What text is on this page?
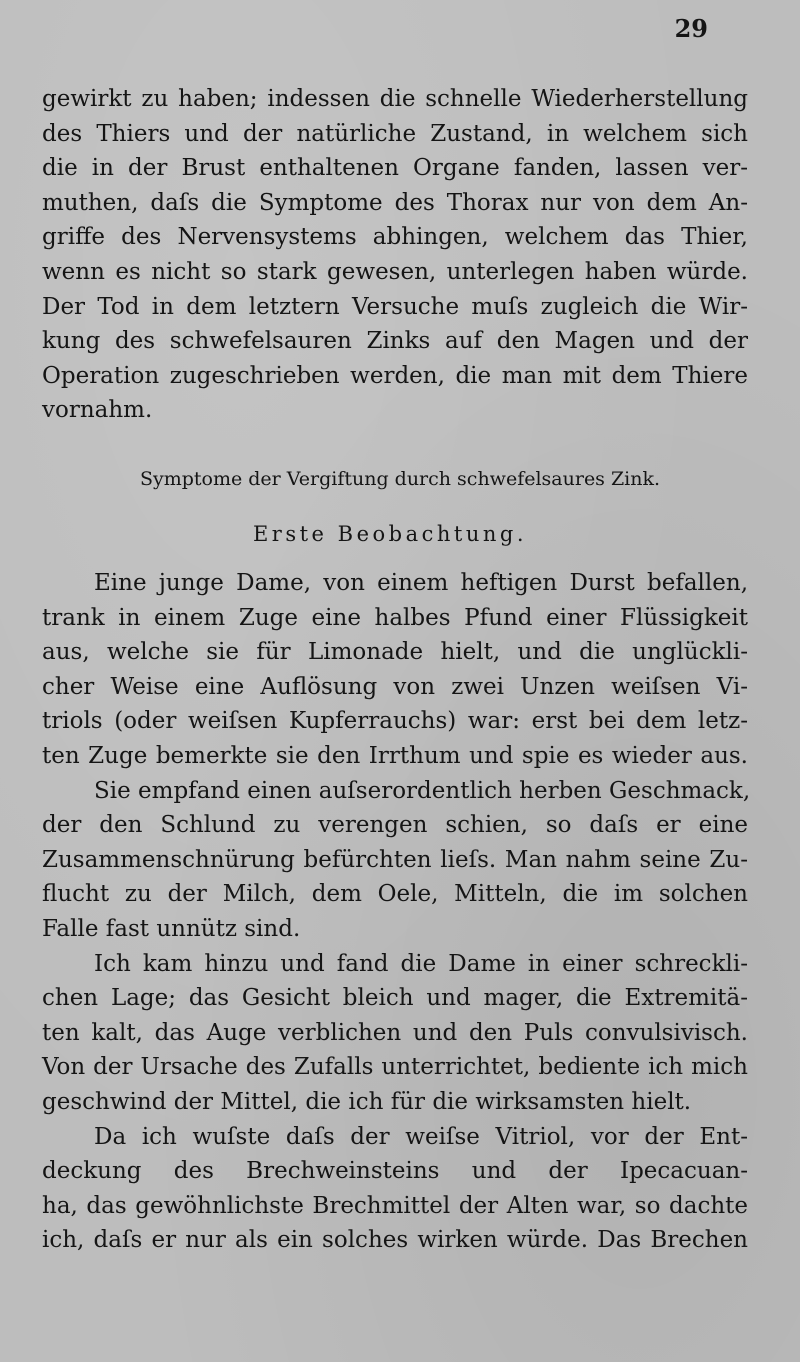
29
gewirkt zu haben; indessen die schnelle Wiederherstellung
des Thiers und der natürliche Zustand, in welchem sich
die in der Brust enthaltenen Organe fanden, lassen ver-
muthen, daſs die Symptome des Thorax nur von dem An-
griffe des Nervensystems abhingen, welchem das Thier,
wenn es nicht so stark gewesen, unterlegen haben würde.
Der Tod in dem letztern Versuche muſs zugleich die Wir-
kung des schwefelsauren Zinks auf den Magen und der
Operation zugeschrieben werden, die man mit dem Thiere
vornahm.
Symptome der Vergiftung durch schwefelsaures Zink.
Erste Beobachtung.
Eine junge Dame, von einem heftigen Durst befallen,
trank in einem Zuge eine halbes Pfund einer Flüssigkeit
aus, welche sie für Limonade hielt, und die unglückli-
cher Weise eine Auflösung von zwei Unzen weiſsen Vi-
triols (oder weiſsen Kupferrauchs) war: erst bei dem letz-
ten Zuge bemerkte sie den Irrthum und spie es wieder aus.
Sie empfand einen auſserordentlich herben Geschmack,
der den Schlund zu verengen schien, so daſs er eine
Zusammenschnürung befürchten lieſs. Man nahm seine Zu-
flucht zu der Milch, dem Oele, Mitteln, die im solchen
Falle fast unnütz sind.
Ich kam hinzu und fand die Dame in einer schreckli-
chen Lage; das Gesicht bleich und mager, die Extremitä-
ten kalt, das Auge verblichen und den Puls convulsivisch.
Von der Ursache des Zufalls unterrichtet, bediente ich mich
geschwind der Mittel, die ich für die wirksamsten hielt.
Da ich wuſste daſs der weiſse Vitriol, vor der Ent-
deckung des Brechweinsteins und der Ipecacuan-
ha, das gewöhnlichste Brechmittel der Alten war, so dachte
ich, daſs er nur als ein solches wirken würde. Das Brechen
